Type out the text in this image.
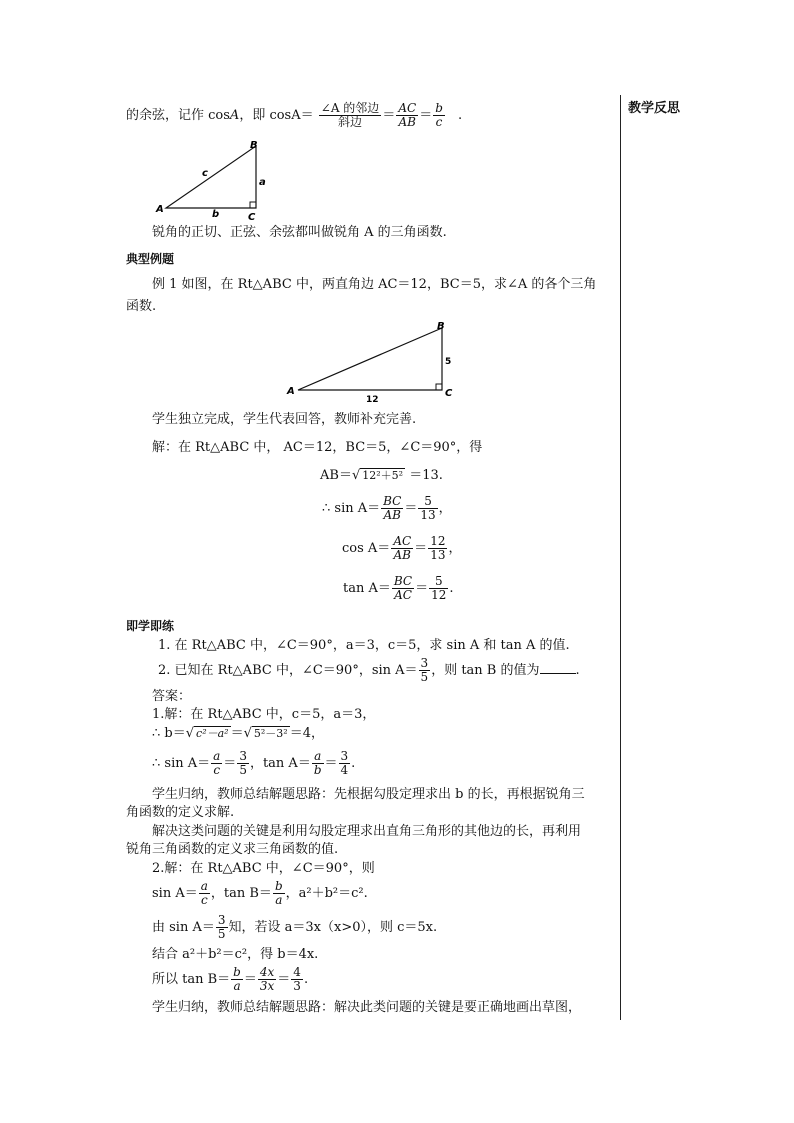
教学反思
的余弦，记作 cosA，即 $\cos A= \frac{\text{∠A 的邻边}}{\text{斜边}} = \frac{AC}{AB} = \frac{b}{c}$ .
A
B
C
a
b
c
锐角的正切、正弦、余弦都叫做锐角 A 的三角函数.
典型例题
例 1 如图，在 Rt△ABC 中，两直角边 AC＝12，BC＝5，求∠A 的各个三角
函数.
A
B
C
5
12
学生独立完成，学生代表回答，教师补充完善.
解：在 Rt△ABC 中， AC＝12，BC＝5，∠C＝90°，得
AB＝√ 12²＋5² ＝13.
∴ $\sin A= \frac{BC}{AB} = \frac{5}{13}$ ，
$\cos A= \frac{AC}{AB} = \frac{12}{13}$ ，
$\tan A= \frac{BC}{AC} = \frac{5}{12}$ .
即学即练
1. 在 Rt△ABC 中，∠C＝90°，a＝3，c＝5，求 sin A 和 tan A 的值.
2. 已知在 Rt△ABC 中，∠C＝90°，$\sin A= \frac{3}{5}$ ，则 tan B 的值为	.
答案：
1.解：在 Rt△ABC 中，c＝5，a＝3，
∴ b＝√ c²－a² ＝√ 5²－3² ＝4，
∴ $\sin A= \frac{a}{c} = \frac{3}{5}$ ，$\tan A= \frac{a}{b} = \frac{3}{4}$ .
学生归纳，教师总结解题思路：先根据勾股定理求出 b 的长，再根据锐角三
角函数的定义求解.
解决这类问题的关键是利用勾股定理求出直角三角形的其他边的长，再利用
锐角三角函数的定义求三角函数的值.
2.解：在 Rt△ABC 中，∠C＝90°，则
$\sin A= \frac{a}{c}$ ，$\tan B= \frac{b}{a}$ ，a²＋b²＝c².
由 $\sin A= \frac{3}{5}$ 知，若设 a＝3x（x>0），则 c＝5x.
结合 a²＋b²＝c²，得 b＝4x.
所以 $\tan B= \frac{b}{a} = \frac{4x}{3x} = \frac{4}{3}$ .
学生归纳，教师总结解题思路：解决此类问题的关键是要正确地画出草图，
